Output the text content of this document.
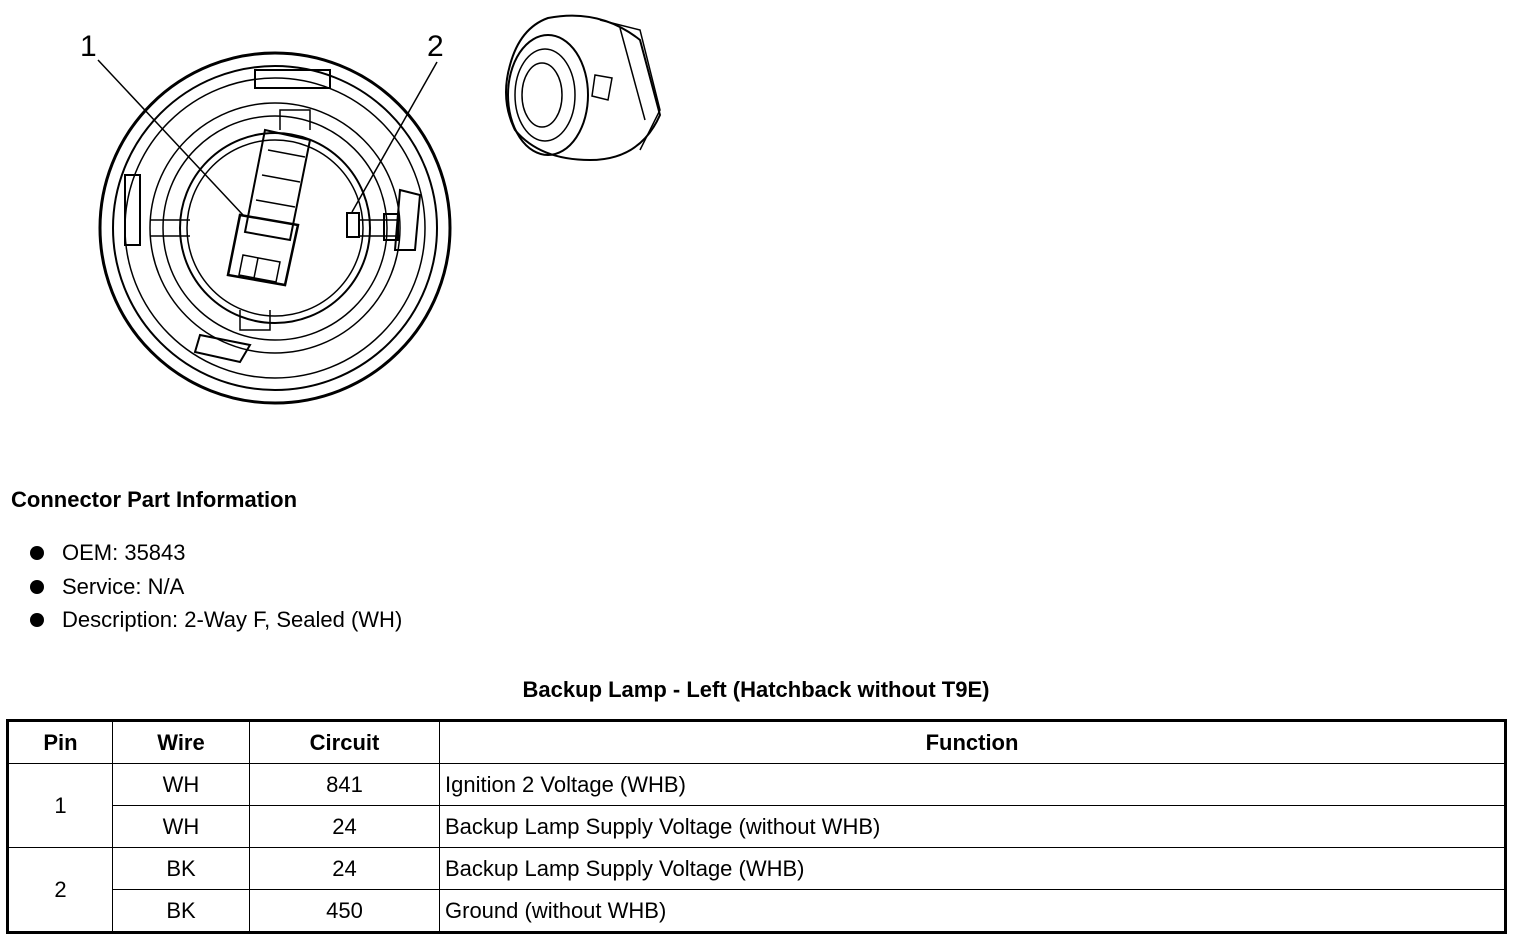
1	2
Connector Part Information
OEM: 35843
Service: N/A
Description: 2-Way F, Sealed (WH)
Backup Lamp - Left (Hatchback without T9E)
Pin	Wire	Circuit	Function
1	WH	841	Ignition 2 Voltage (WHB)
	WH	24	Backup Lamp Supply Voltage (without WHB)
2	BK	24	Backup Lamp Supply Voltage (WHB)
	BK	450	Ground (without WHB)
